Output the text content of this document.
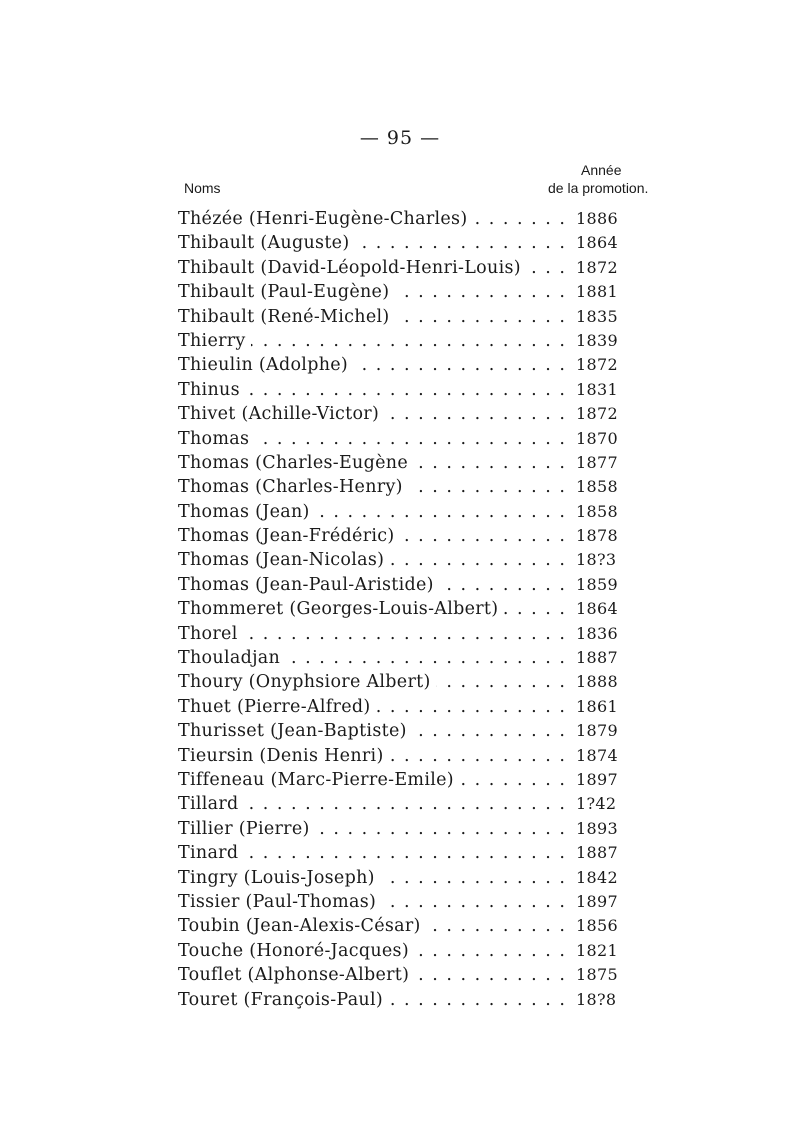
— 95 —
Noms
Année
de la promotion.
. . .
Thézée (Henri-Eugène-Charles)	1886
. . .
Thibault (Auguste)	1864
. . .
Thibault (David-Léopold-Henri-Louis)	1872
. . .
Thibault (Paul-Eugène)	1881
. . .
Thibault (René-Michel)	1835
. . .
Thierry	1839
. . .
Thieulin (Adolphe)	1872
. . .
Thinus	1831
. . .
Thivet (Achille-Victor)	1872
. . .
Thomas	1870
. . .
Thomas (Charles-Eugène	1877
. . .
Thomas (Charles-Henry)	1858
. . .
Thomas (Jean)	1858
. . .
Thomas (Jean-Frédéric)	1878
. . .
Thomas (Jean-Nicolas)	18?3
. . .
Thomas (Jean-Paul-Aristide)	1859
. . .
Thommeret (Georges-Louis-Albert)	1864
. . .
Thorel	1836
. . .
Thouladjan	1887
. . .
Thoury (Onyphsiore Albert)	1888
. . .
Thuet (Pierre-Alfred)	1861
. . .
Thurisset (Jean-Baptiste)	1879
. . .
Tieursin (Denis Henri)	1874
. . .
Tiffeneau (Marc-Pierre-Emile)	1897
. . .
Tillard	1?42
. . .
Tillier (Pierre)	1893
. . .
Tinard	1887
. . .
Tingry (Louis-Joseph)	1842
. . .
Tissier (Paul-Thomas)	1897
. . .
Toubin (Jean-Alexis-César)	1856
. . .
Touche (Honoré-Jacques)	1821
. . .
Touflet (Alphonse-Albert)	1875
. . .
Touret (François-Paul)	18?8
